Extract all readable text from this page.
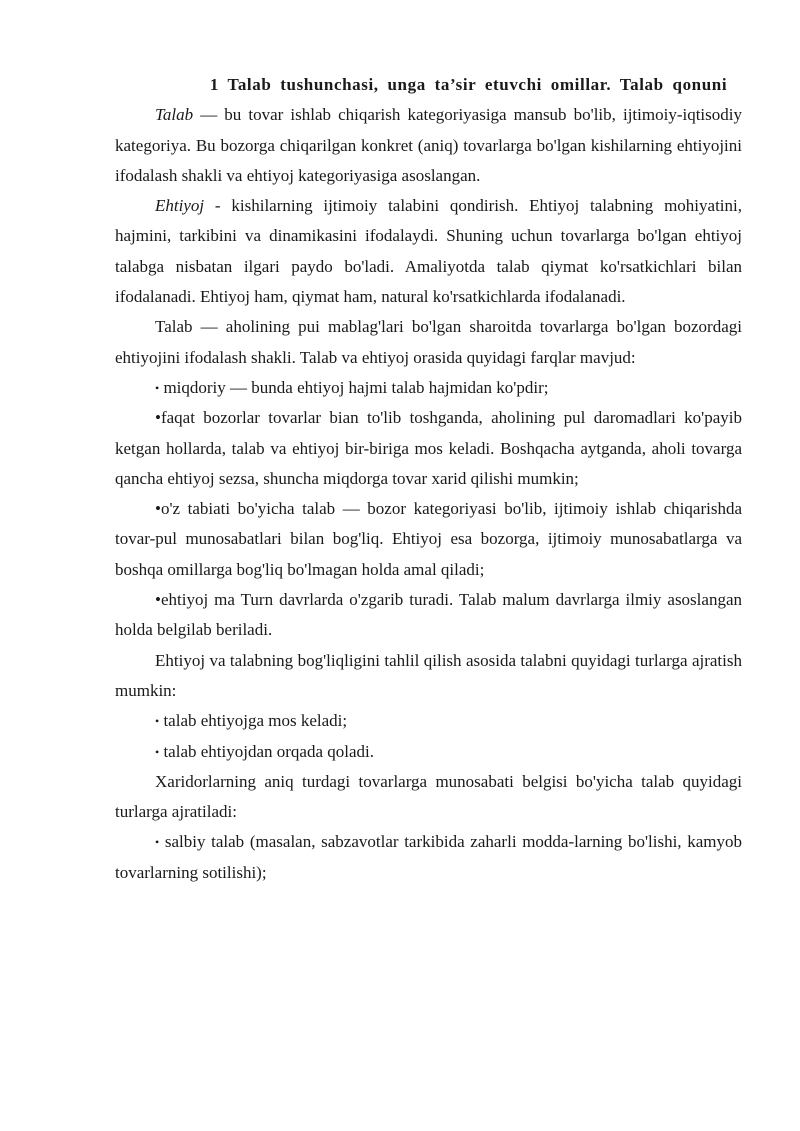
1 Talab tushunchasi, unga ta’sir etuvchi omillar. Talab qonuni

Talab — bu tovar ishlab chiqarish kategoriyasiga mansub bo'lib, ijtimoiy-iqtisodiy kategoriya. Bu bozorga chiqarilgan konkret (aniq) tovarlarga bo'lgan kishilarning ehtiyojini ifodalash shakli va ehtiyoj kategoriyasiga asoslangan.

Ehtiyoj - kishilarning ijtimoiy talabini qondirish. Ehtiyoj talabning mohiyatini, hajmini, tarkibini va dinamikasini ifodalaydi. Shuning uchun tovarlarga bo'lgan ehtiyoj talabga nisbatan ilgari paydo bo'ladi. Amaliyotda talab qiymat ko'rsatkichlari bilan ifodalanadi. Ehtiyoj ham, qiymat ham, natural ko'rsatkichlarda ifodalanadi.

Talab — aholining pui mablag'lari bo'lgan sharoitda tovarlarga bo'lgan bozordagi ehtiyojini ifodalash shakli. Talab va ehtiyoj orasida quyidagi farqlar mavjud:

• miqdoriy — bunda ehtiyoj hajmi talab hajmidan ko'pdir;

•faqat bozorlar tovarlar bian to'lib toshganda, aholining pul daromadlari ko'payib ketgan hollarda, talab va ehtiyoj bir-biriga mos keladi. Boshqacha aytganda, aholi tovarga qancha ehtiyoj sezsa, shuncha miqdorga tovar xarid qilishi mumkin;

•o'z tabiati bo'yicha talab — bozor kategoriyasi bo'lib, ijtimoiy ishlab chiqarishda tovar-pul munosabatlari bilan bog'liq. Ehtiyoj esa bozorga, ijtimoiy munosabatlarga va boshqa omillarga bog'liq bo'lmagan holda amal qiladi;

•ehtiyoj ma Turn davrlarda o'zgarib turadi. Talab malum davrlarga ilmiy asoslangan holda belgilab beriladi.

Ehtiyoj va talabning bog'liqligini tahlil qilish asosida talabni quyidagi turlarga ajratish mumkin:

• talab ehtiyojga mos keladi;

• talab ehtiyojdan orqada qoladi.

Xaridorlarning aniq turdagi tovarlarga munosabati belgisi bo'yicha talab quyidagi turlarga ajratiladi:

• salbiy talab (masalan, sabzavotlar tarkibida zaharli modda-larning bo'lishi, kamyob tovarlarning sotilishi);
